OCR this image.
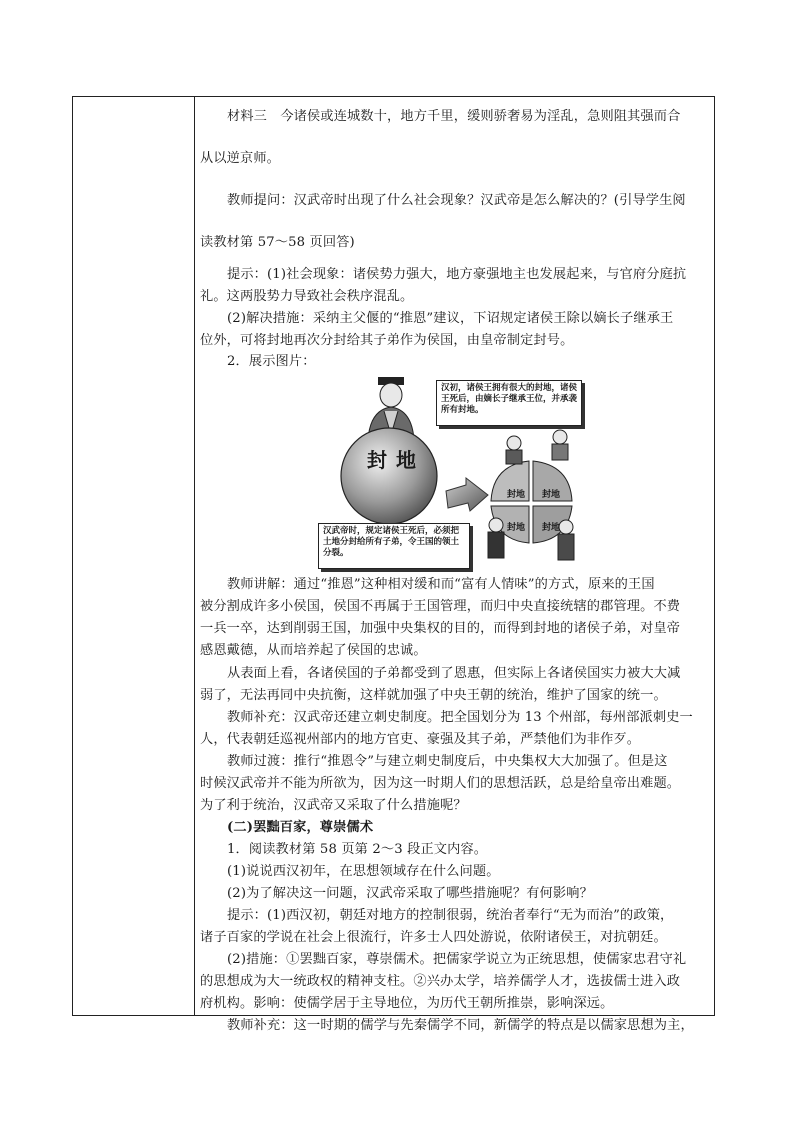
材料三　今诸侯或连城数十，地方千里，缓则骄奢易为淫乱，急则阻其强而合
从以逆京师。
教师提问：汉武帝时出现了什么社会现象？汉武帝是怎么解决的？(引导学生阅
读教材第 57～58 页回答)
提示：(1)社会现象：诸侯势力强大，地方豪强地主也发展起来，与官府分庭抗
礼。这两股势力导致社会秩序混乱。
(2)解决措施：采纳主父偃的“推恩”建议，下诏规定诸侯王除以嫡长子继承王
位外，可将封地再次分封给其子弟作为侯国，由皇帝制定封号。
2．展示图片：
教师讲解：通过“推恩”这种相对缓和而“富有人情味”的方式，原来的王国
被分割成许多小侯国，侯国不再属于王国管理，而归中央直接统辖的郡管理。不费
一兵一卒，达到削弱王国，加强中央集权的目的，而得到封地的诸侯子弟，对皇帝
感恩戴德，从而培养起了侯国的忠诚。
从表面上看，各诸侯国的子弟都受到了恩惠，但实际上各诸侯国实力被大大减
弱了，无法再同中央抗衡，这样就加强了中央王朝的统治，维护了国家的统一。
教师补充：汉武帝还建立刺史制度。把全国划分为 13 个州部，每州部派刺史一
人，代表朝廷巡视州部内的地方官吏、豪强及其子弟，严禁他们为非作歹。
教师过渡：推行“推恩令”与建立刺史制度后，中央集权大大加强了。但是这
时候汉武帝并不能为所欲为，因为这一时期人们的思想活跃，总是给皇帝出难题。
为了利于统治，汉武帝又采取了什么措施呢？
(二)罢黜百家，尊崇儒术
1．阅读教材第 58 页第 2～3 段正文内容。
(1)说说西汉初年，在思想领域存在什么问题。
(2)为了解决这一问题，汉武帝采取了哪些措施呢？有何影响？
提示：(1)西汉初，朝廷对地方的控制很弱，统治者奉行“无为而治”的政策，
诸子百家的学说在社会上很流行，许多士人四处游说，依附诸侯王，对抗朝廷。
(2)措施：①罢黜百家，尊崇儒术。把儒家学说立为正统思想，使儒家忠君守礼
的思想成为大一统政权的精神支柱。②兴办太学，培养儒学人才，选拔儒士进入政
府机构。影响：使儒学居于主导地位，为历代王朝所推崇，影响深远。
教师补充：这一时期的儒学与先秦儒学不同，新儒学的特点是以儒家思想为主，
封 地
封地 封地
封地 封地
汉初，诸侯王拥有很大的封地，诸侯王死后，由嫡长子继承王位，并承袭所有封地。
汉武帝时，规定诸侯王死后，必须把土地分封给所有子弟，令王国的领土分裂。
